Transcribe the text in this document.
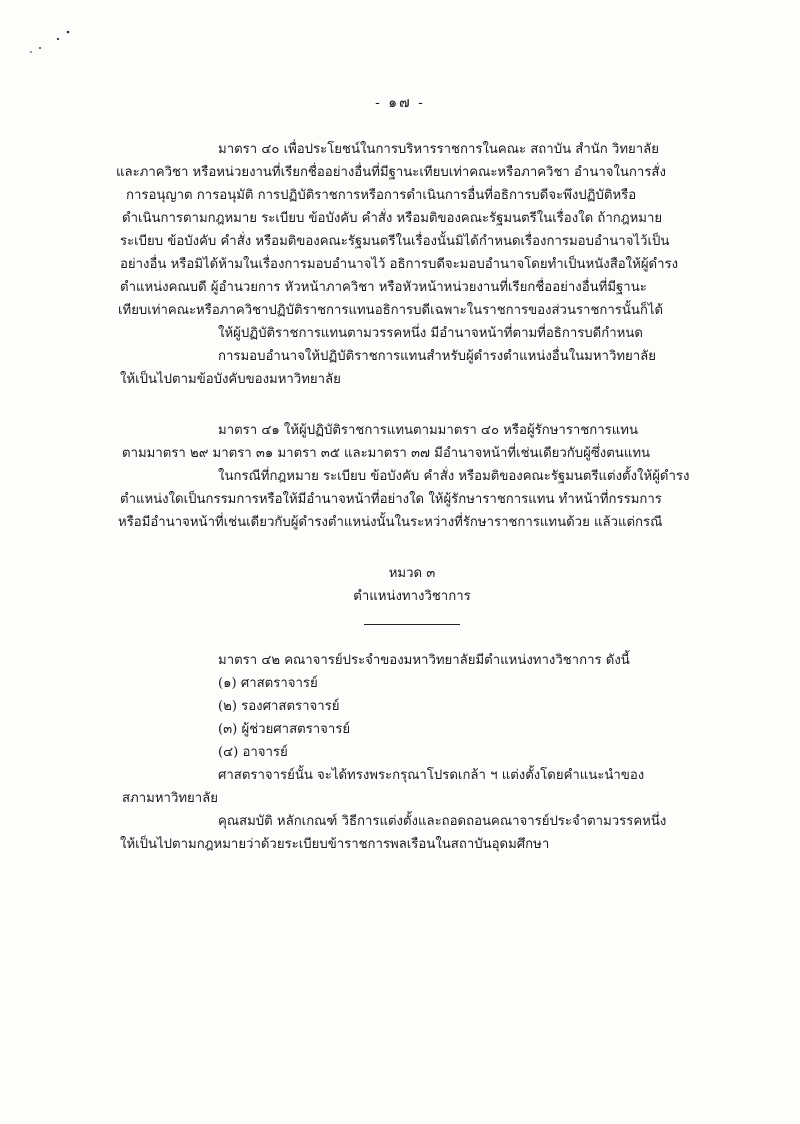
- ๑๗ -
มาตรา ๔๐ เพื่อประโยชน์ในการบริหารราชการในคณะ สถาบัน สำนัก วิทยาลัย
และภาควิชา หรือหน่วยงานที่เรียกชื่ออย่างอื่นที่มีฐานะเทียบเท่าคณะหรือภาควิชา อำนาจในการสั่ง
การอนุญาต การอนุมัติ การปฏิบัติราชการหรือการดำเนินการอื่นที่อธิการบดีจะพึงปฏิบัติหรือ
ดำเนินการตามกฎหมาย ระเบียบ ข้อบังคับ คำสั่ง หรือมติของคณะรัฐมนตรีในเรื่องใด ถ้ากฎหมาย
ระเบียบ ข้อบังคับ คำสั่ง หรือมติของคณะรัฐมนตรีในเรื่องนั้นมิได้กำหนดเรื่องการมอบอำนาจไว้เป็น
อย่างอื่น หรือมิได้ห้ามในเรื่องการมอบอำนาจไว้ อธิการบดีจะมอบอำนาจโดยทำเป็นหนังสือให้ผู้ดำรง
ตำแหน่งคณบดี ผู้อำนวยการ หัวหน้าภาควิชา หรือหัวหน้าหน่วยงานที่เรียกชื่ออย่างอื่นที่มีฐานะ
เทียบเท่าคณะหรือภาควิชาปฏิบัติราชการแทนอธิการบดีเฉพาะในราชการของส่วนราชการนั้นก็ได้
ให้ผู้ปฏิบัติราชการแทนตามวรรคหนึ่ง มีอำนาจหน้าที่ตามที่อธิการบดีกำหนด
การมอบอำนาจให้ปฏิบัติราชการแทนสำหรับผู้ดำรงตำแหน่งอื่นในมหาวิทยาลัย
ให้เป็นไปตามข้อบังคับของมหาวิทยาลัย
มาตรา ๔๑ ให้ผู้ปฏิบัติราชการแทนตามมาตรา ๔๐ หรือผู้รักษาราชการแทน
ตามมาตรา ๒๙ มาตรา ๓๑ มาตรา ๓๕ และมาตรา ๓๗ มีอำนาจหน้าที่เช่นเดียวกับผู้ซึ่งตนแทน
ในกรณีที่กฎหมาย ระเบียบ ข้อบังคับ คำสั่ง หรือมติของคณะรัฐมนตรีแต่งตั้งให้ผู้ดำรง
ตำแหน่งใดเป็นกรรมการหรือให้มีอำนาจหน้าที่อย่างใด ให้ผู้รักษาราชการแทน ทำหน้าที่กรรมการ
หรือมีอำนาจหน้าที่เช่นเดียวกับผู้ดำรงตำแหน่งนั้นในระหว่างที่รักษาราชการแทนด้วย แล้วแต่กรณี
หมวด ๓
ตำแหน่งทางวิชาการ
มาตรา ๔๒ คณาจารย์ประจำของมหาวิทยาลัยมีตำแหน่งทางวิชาการ ดังนี้
(๑) ศาสตราจารย์
(๒) รองศาสตราจารย์
(๓) ผู้ช่วยศาสตราจารย์
(๔) อาจารย์
ศาสตราจารย์นั้น จะได้ทรงพระกรุณาโปรดเกล้า ฯ แต่งตั้งโดยคำแนะนำของ
สภามหาวิทยาลัย
คุณสมบัติ หลักเกณฑ์ วิธีการแต่งตั้งและถอดถอนคณาจารย์ประจำตามวรรคหนึ่ง
ให้เป็นไปตามกฎหมายว่าด้วยระเบียบข้าราชการพลเรือนในสถาบันอุดมศึกษา
